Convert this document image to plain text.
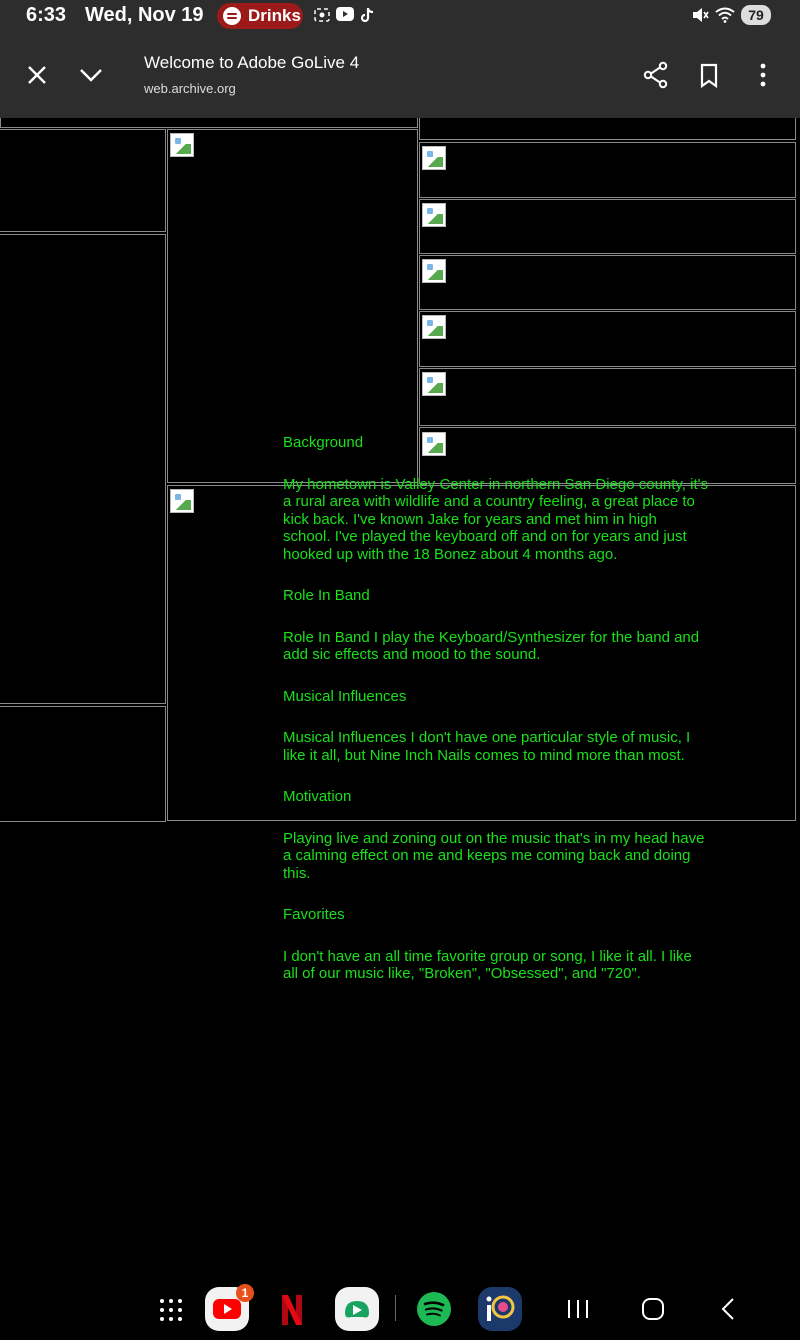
6:33 Wed, Nov 19	Drinks	79
Welcome to Adobe GoLive 4
web.archive.org

Background

My hometown is Valley Center in northern San Diego county, it's a rural area with wildlife and a country feeling, a great place to kick back. I've known Jake for years and met him in high school. I've played the keyboard off and on for years and just hooked up with the 18 Bonez about 4 months ago.

Role In Band

Role In Band I play the Keyboard/Synthesizer for the band and add sic effects and mood to the sound.

Musical Influences

Musical Influences I don't have one particular style of music, I like it all, but Nine Inch Nails comes to mind more than most.

Motivation

Playing live and zoning out on the music that's in my head have a calming effect on me and keeps me coming back and doing this.

Favorites

I don't have an all time favorite group or song, I like it all. I like all of our music like, "Broken", "Obsessed", and "720".

1
